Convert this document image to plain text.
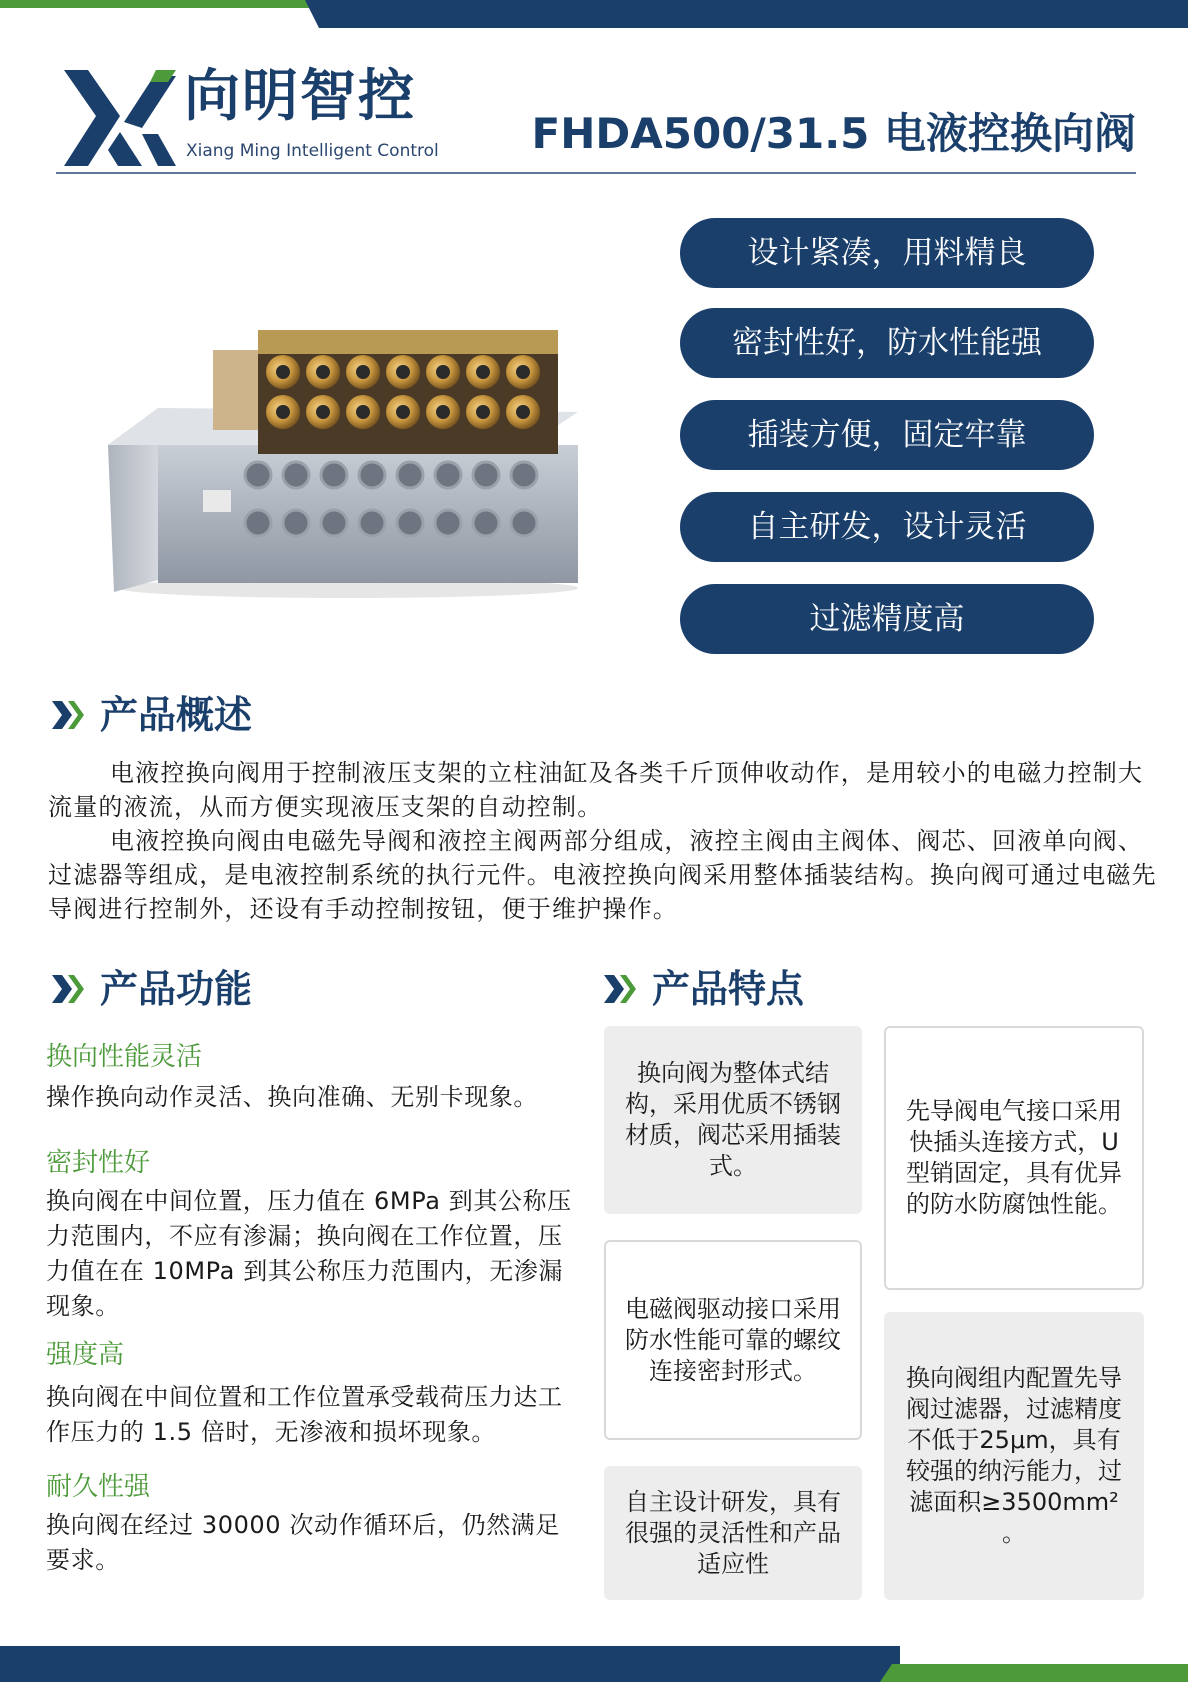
向明智控
Xiang Ming Intelligent Control FHDA500/31.5 电液控换向阀
设计紧凑，用料精良
密封性好，防水性能强
插装方便，固定牢靠
自主研发，设计灵活
过滤精度高
产品概述

电液控换向阀用于控制液压支架的立柱油缸及各类千斤顶伸收动作，是用较小的电磁力控制大流量的液流，从而方便实现液压支架的自动控制。

电液控换向阀由电磁先导阀和液控主阀两部分组成，液控主阀由主阀体、阀芯、回液单向阀、过滤器等组成，是电液控制系统的执行元件。电液控换向阀采用整体插装结构。换向阀可通过电磁先导阀进行控制外，还设有手动控制按钮，便于维护操作。

产品功能
换向性能灵活
操作换向动作灵活、换向准确、无别卡现象。
密封性好
换向阀在中间位置，压力值在 6MPa 到其公称压力范围内，不应有渗漏；换向阀在工作位置，压力值在在 10MPa 到其公称压力范围内，无渗漏现象。
强度高
换向阀在中间位置和工作位置承受载荷压力达工作压力的 1.5 倍时，无渗液和损坏现象。
耐久性强
换向阀在经过 30000 次动作循环后，仍然满足要求。
产品特点
换向阀为整体式结构，采用优质不锈钢材质，阀芯采用插装式。
先导阀电气接口采用快插头连接方式，U型销固定，具有优异的防水防腐蚀性能。
电磁阀驱动接口采用防水性能可靠的螺纹连接密封形式。	换向阀组内配置先导阀过滤器，过滤精度不低于25μm，具有较强的纳污能力，过滤面积≥3500mm² 。
自主设计研发，具有很强的灵活性和产品适应性
